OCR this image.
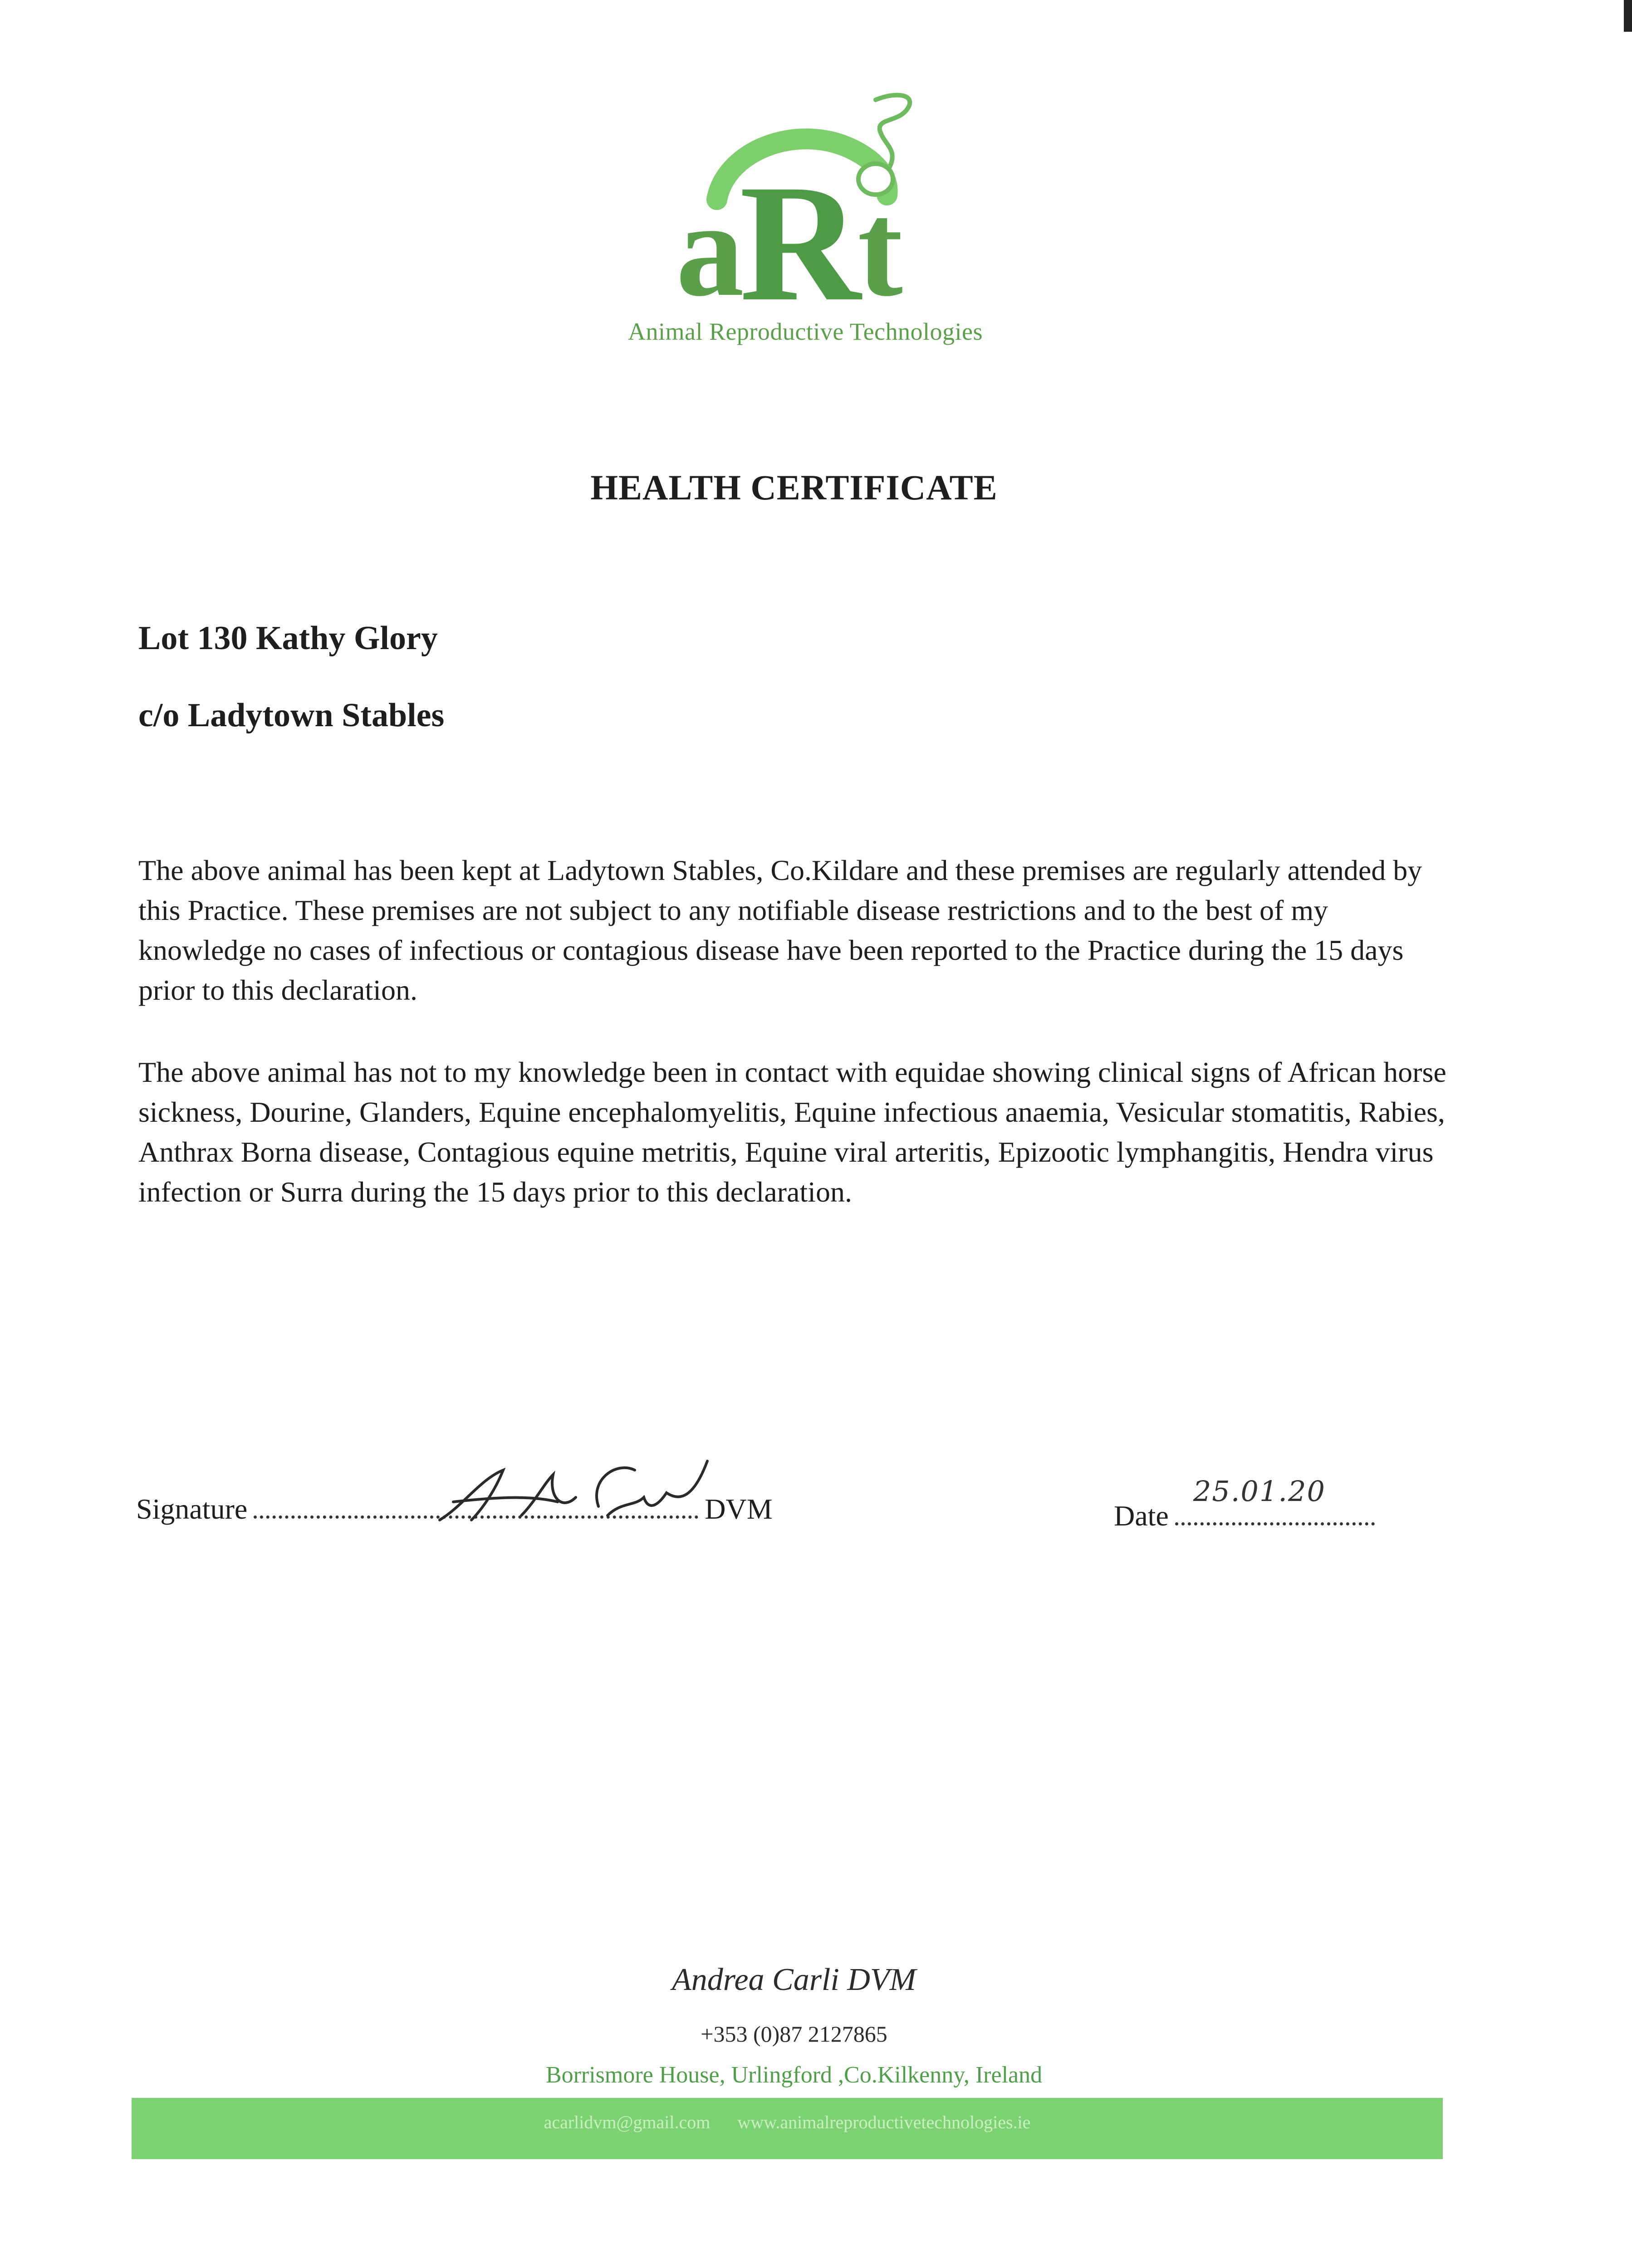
a
R
t
Animal Reproductive Technologies
HEALTH CERTIFICATE
Lot 130 Kathy Glory
c/o Ladytown Stables
The above animal has been kept at Ladytown Stables, Co.Kildare and these premises are regularly attended by this Practice. These premises are not subject to any notifiable disease restrictions and to the best of my knowledge no cases of infectious or contagious disease have been reported to the Practice during the 15 days prior to this declaration.
The above animal has not to my knowledge been in contact with equidae showing clinical signs of African horse sickness, Dourine, Glanders, Equine encephalomyelitis, Equine infectious anaemia, Vesicular stomatitis, Rabies, Anthrax Borna disease, Contagious equine metritis, Equine viral arteritis, Epizootic lymphangitis, Hendra virus infection or Surra during the 15 days prior to this declaration.
Signature	DVM	Date
25.01.20
Andrea Carli DVM
+353 (0)87 2127865
Borrismore House, Urlingford ,Co.Kilkenny, Ireland
acarlidvm@gmail.com www.animalreproductivetechnologies.ie
